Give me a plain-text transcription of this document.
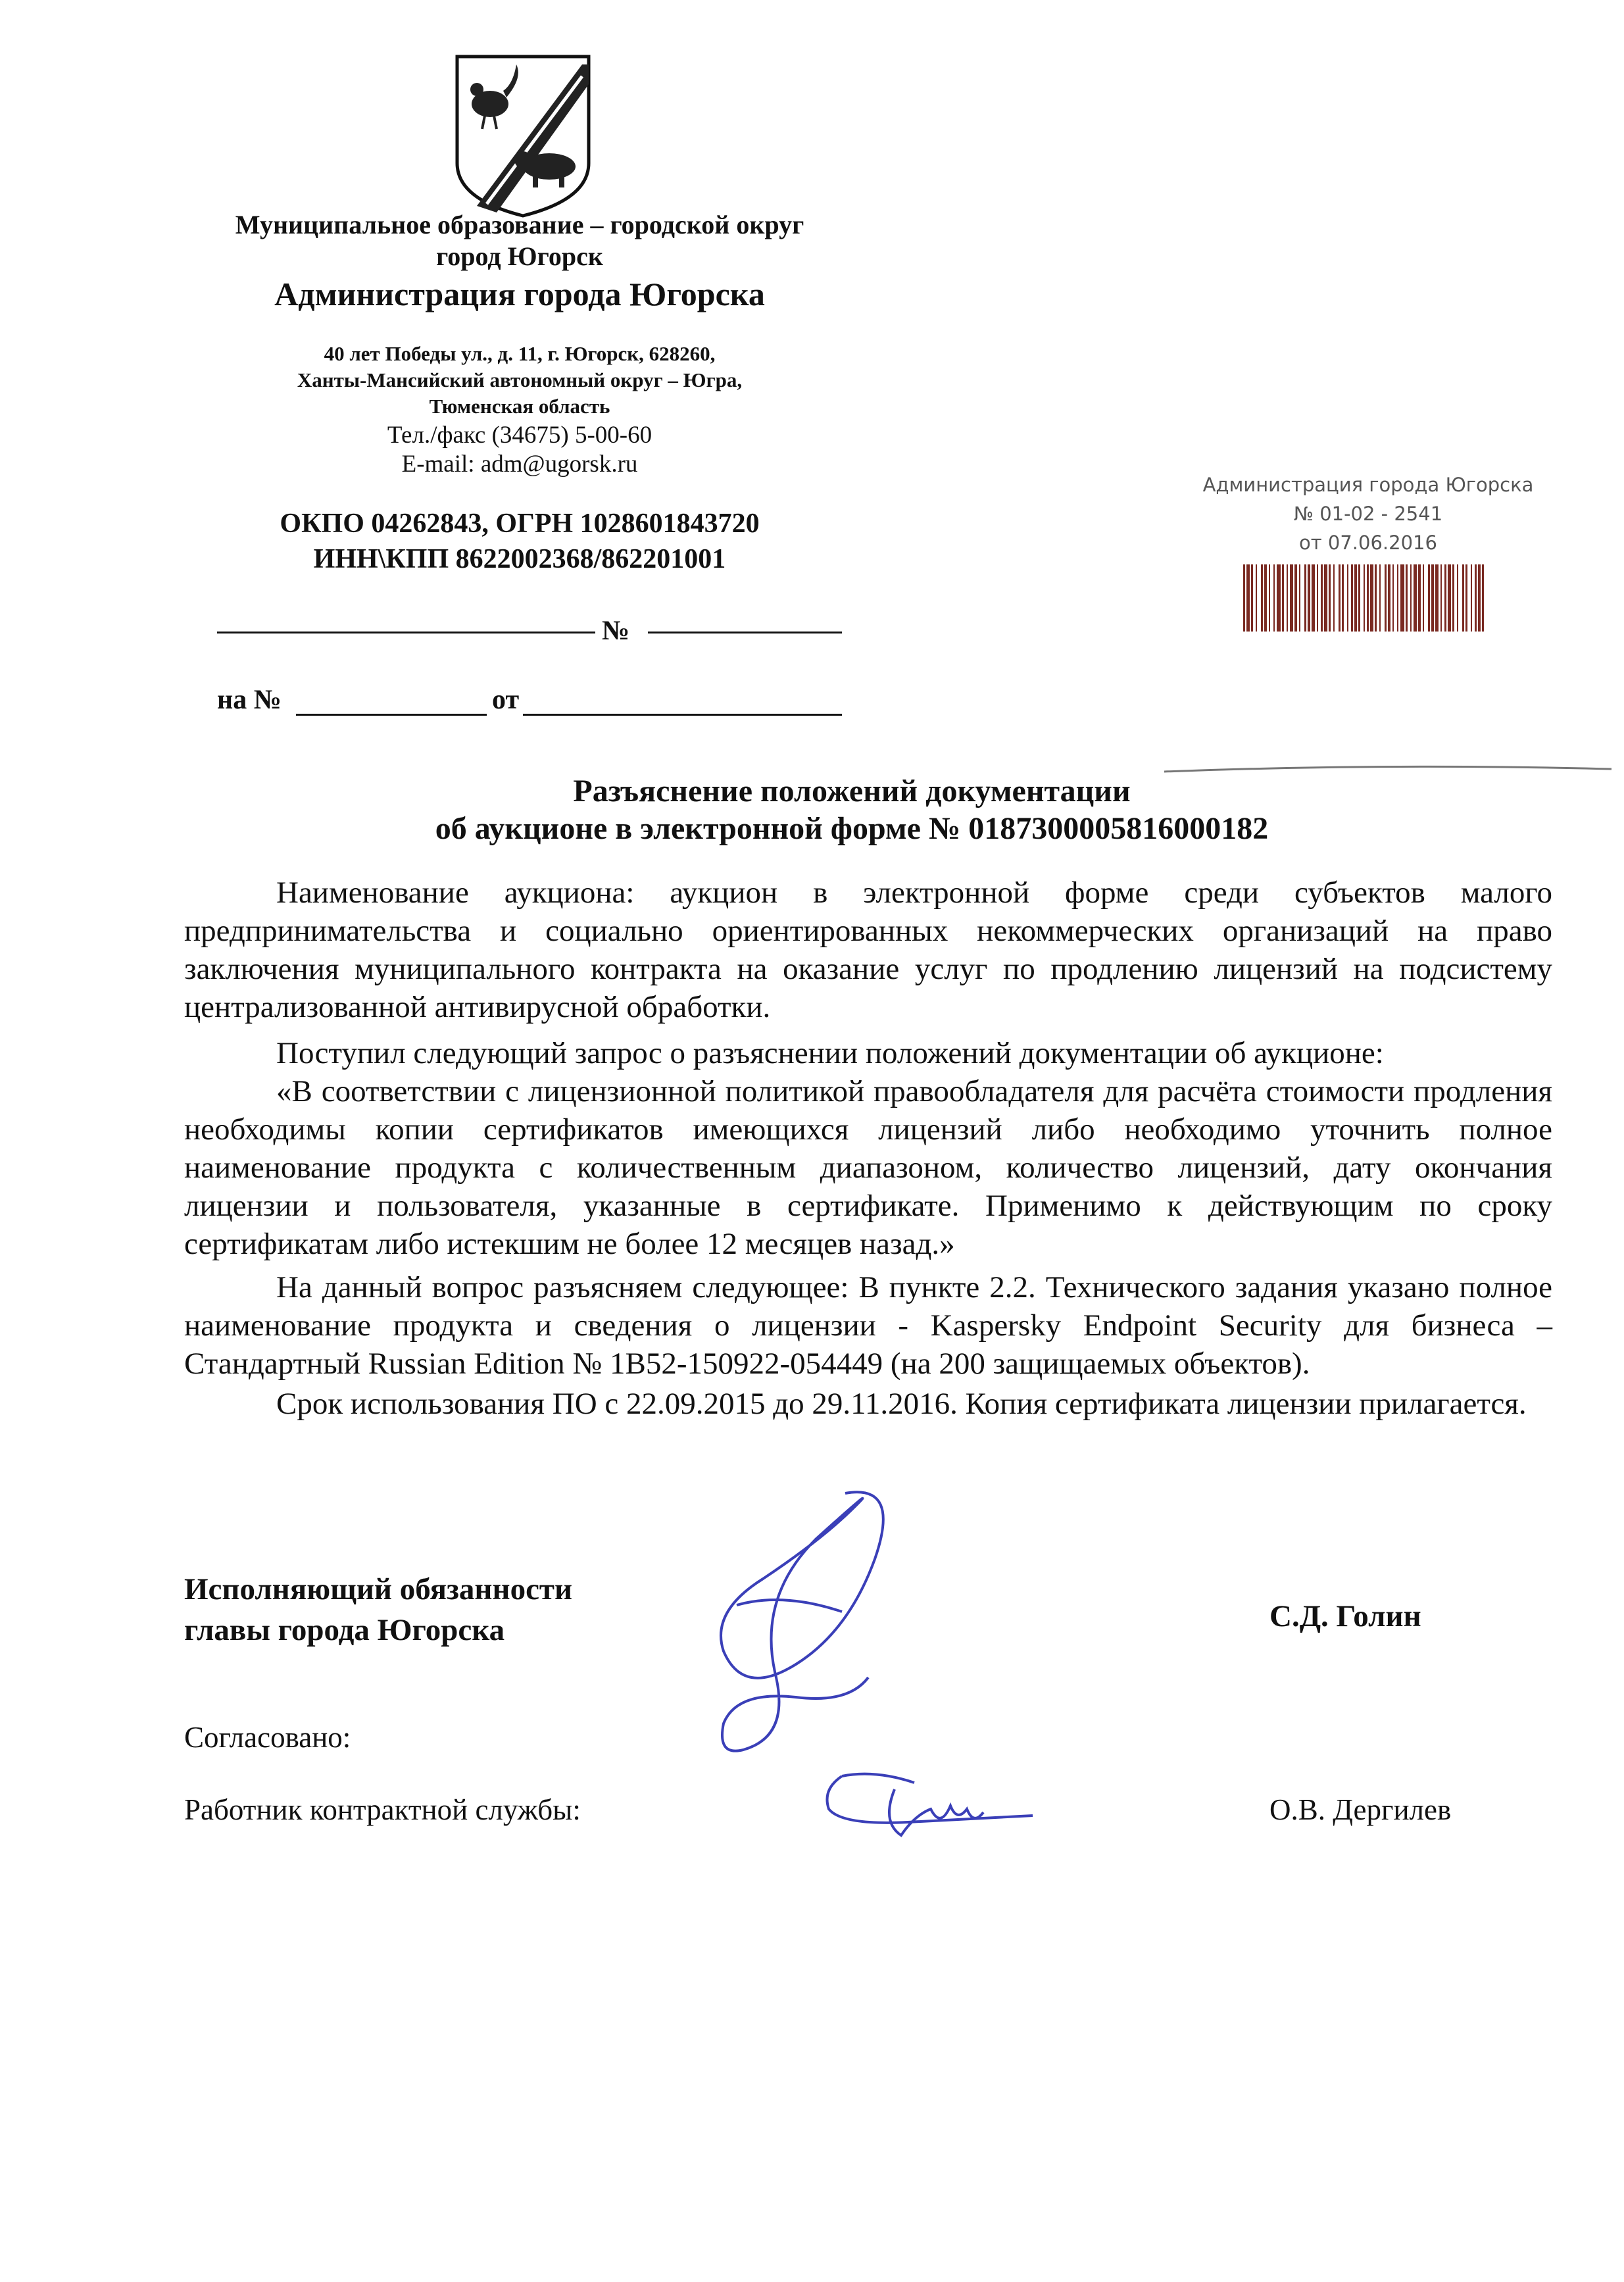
Муниципальное образование – городской округ
город Югорск
Администрация города Югорска
40 лет Победы ул., д. 11, г. Югорск, 628260,
Ханты-Мансийский автономный округ – Югра,
Тюменская область
Тел./факс (34675) 5-00-60
E-mail: adm@ugorsk.ru
ОКПО 04262843, ОГРН 1028601843720
ИНН\КПП 8622002368/862201001
№
на №	от
Администрация города Югорска
№ 01-02 - 2541
от 07.06.2016
Разъяснение положений документации
об аукционе в электронной форме № 0187300005816000182
Наименование аукциона: аукцион в электронной форме среди субъектов малого предпринимательства и социально ориентированных некоммерческих организаций на право заключения муниципального контракта на оказание услуг по продлению лицензий на подсистему централизованной антивирусной обработки.
Поступил следующий запрос о разъяснении положений документации об аукционе:
«В соответствии с лицензионной политикой правообладателя для расчёта стоимости продления необходимы копии сертификатов имеющихся лицензий либо необходимо уточнить полное наименование продукта с количественным диапазоном, количество лицензий, дату окончания лицензии и пользователя, указанные в сертификате. Применимо к действующим по сроку сертификатам либо истекшим не более 12 месяцев назад.»
На данный вопрос разъясняем следующее: В пункте 2.2. Технического задания указано полное наименование продукта и сведения о лицензии - Kaspersky Endpoint Security для бизнеса – Стандартный Russian Edition № 1B52-150922-054449 (на 200 защищаемых объектов).
Срок использования ПО с 22.09.2015 до 29.11.2016. Копия сертификата лицензии прилагается.
Исполняющий обязанности
главы города Югорска	С.Д. Голин
Согласовано:
Работник контрактной службы:	О.В. Дергилев
